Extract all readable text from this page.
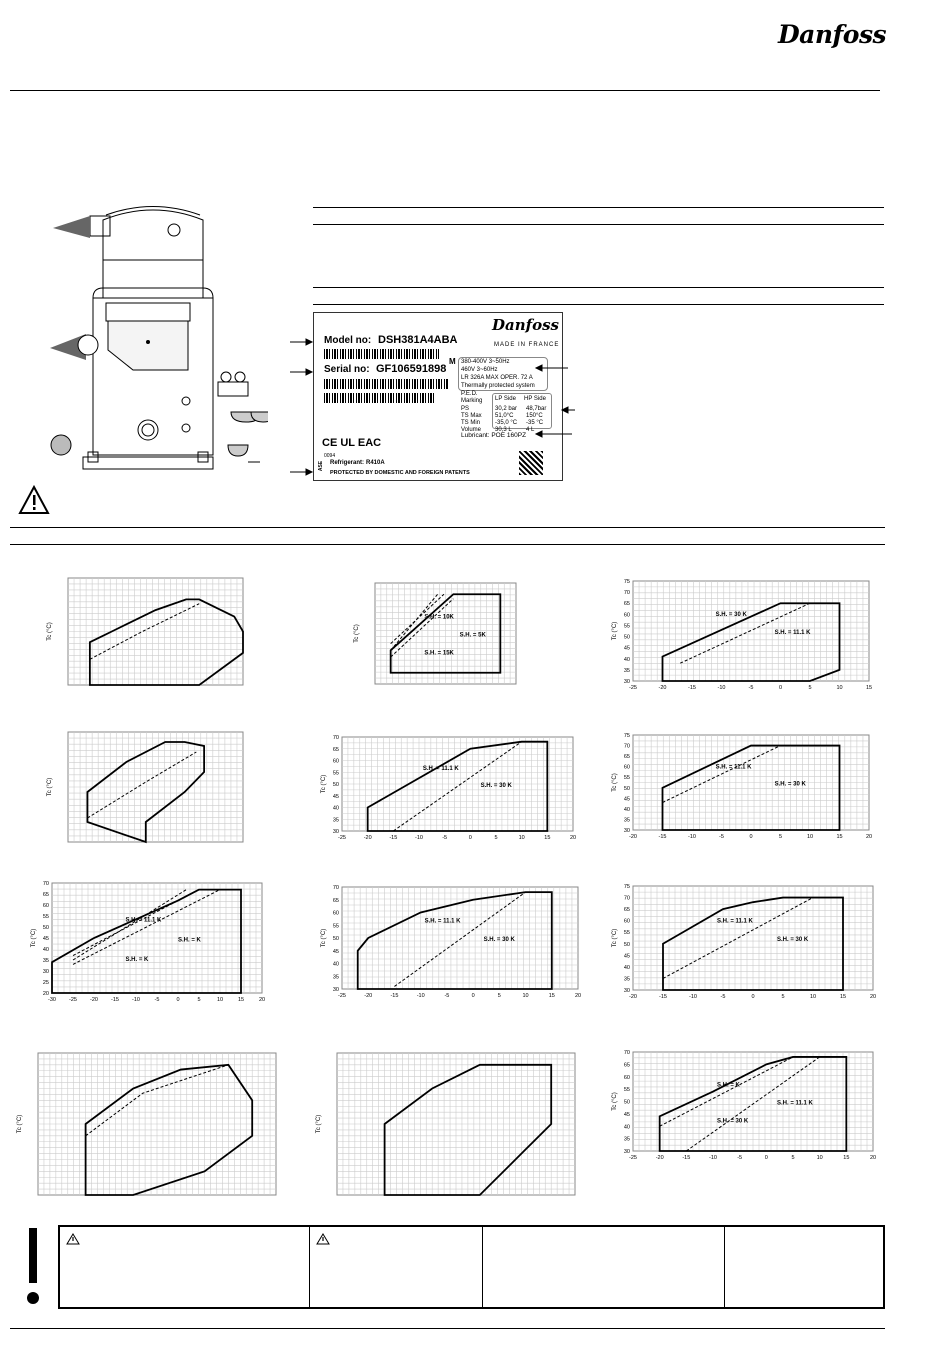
Danfoss
Model no: DSH381A4ABA
Serial no: GF106591898
Danfoss
MADE IN FRANCE
M 380-400V 3~50Hz
460V 3~60Hz
LR 326A MAX OPER. 72 A
Thermally protected system
P.E.D.
Marking LP Side HP Side
PS	30,2 bar 48,7bar
TS Max 51,0°C 150°C
TS Min -35,0 °C -35 °C
Volume 30,3 L 4 L
Lubricant: POE 160PZ
CE UL EAC
0094
Refrigerant: R410A
PROTECTED BY DOMESTIC AND FOREIGN PATENTS
ASE
Tc (°C)
S.H. = 10K
S.H. = 5K
S.H. = 15K
Tc (°C)
S.H. = 30 K
S.H. = 11.1 K
-25	-20	-15	-10	-5	0	5	10	15
30
35
40
45
50
55
60
65
70
75
Tc (°C)
Tc (°C)
S.H. = 11.1 K
S.H. = 30 K
-25	-20	-15	-10	-5	0	5	10	15	20
30
35
40
45
50
55
60
65
70
Tc (°C)
S.H. = 11.1 K
S.H. = 30 K
-20	-15	-10	-5	0	5	10	15	20
30
35
40
45
50
55
60
65
70
75
Tc (°C)
S.H. = 11.1 K
S.H. = K
S.H. = K
-30 -25 -20 -15 -10	-5	0	5	10	15	20
20
25
30
35
40
45
50
55
60
65
70
Tc (°C)
S.H. = 11.1 K
S.H. = 30 K
-25	-20	-15	-10	-5	0	5	10	15	20
30
35
40
45
50
55
60
65
70
Tc (°C)
S.H. = 11.1 K
S.H. = 30 K
-20	-15	-10	-5	0	5	10	15	20
30
35
40
45
50
55
60
65
70
75
Tc (°C)
Tc (°C)	Tc (°C)
S.H. = K
S.H. = 11.1 K
S.H. = 30 K
-25	-20	-15	-10	-5	0	5	10	15	20
30
35
40
45
50
55
60
65
70
Tc (°C)
